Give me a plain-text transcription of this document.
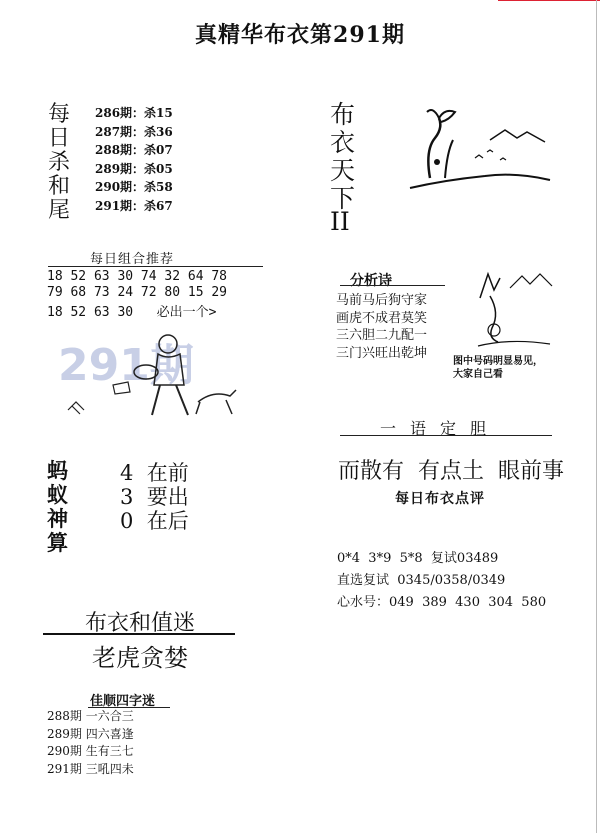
真精华布衣第291期
每
日
杀
和
尾
286期：杀15
287期：杀36
288期：杀07
289期：杀05
290期：杀58
291期：杀67
每日组合推荐
18 52 63 30 74 32 64 78
79 68 73 24 72 80 15 29
18 52 63 30   必出一个>
291期
蚂
蚁
神
算
4  在前
3  要出
0  在后
布衣和值迷
老虎贪婪
佳顺四字迷
288期 一六合三
289期 四六喜逢
290期 生有三七
291期 三吼四未
布
衣
天
下
II
分析诗
马前马后狗守家
画虎不成君莫笑
三六胆二九配一
三门兴旺出乾坤
图中号码明显易见，
大家自己看
一语定胆
而散有  有点土  眼前事
每日布衣点评
0*4  3*9  5*8  复试03489
直选复试  0345/0358/0349
心水号：049  389  430  304  580
